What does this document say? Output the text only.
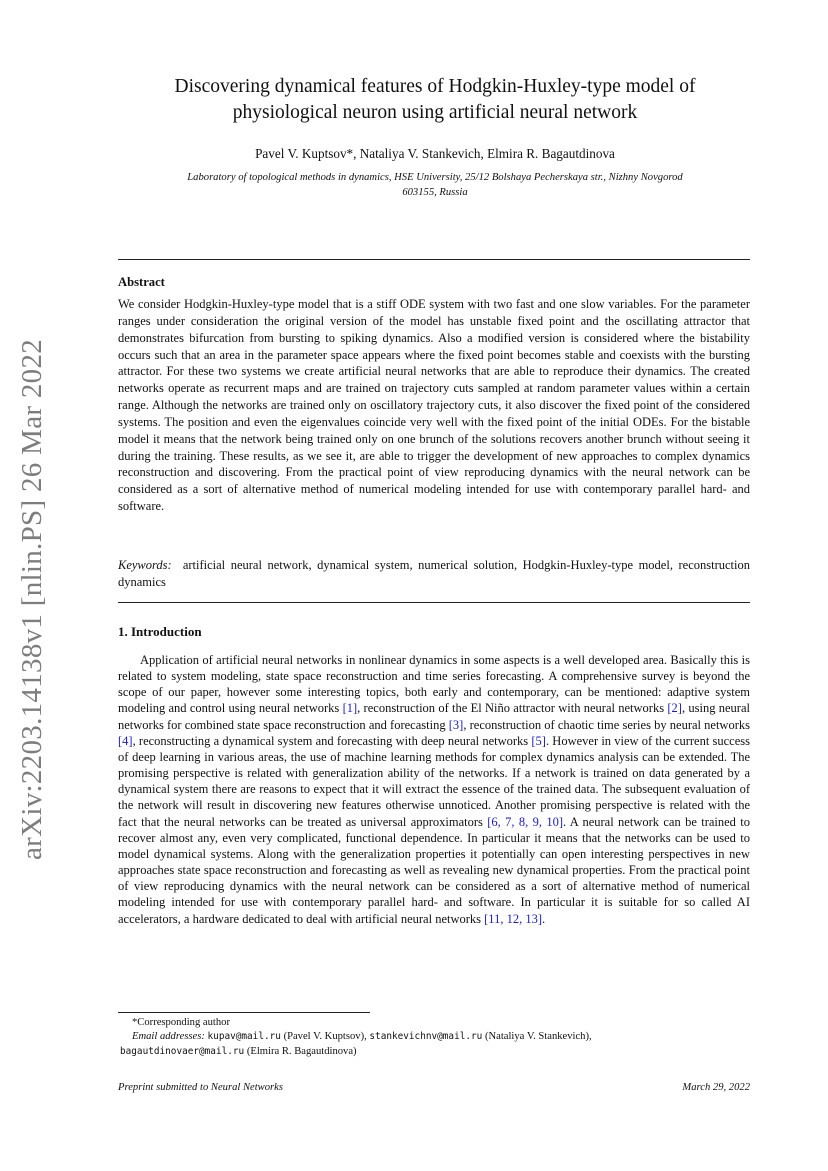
arXiv:2203.14138v1 [nlin.PS] 26 Mar 2022
Discovering dynamical features of Hodgkin-Huxley-type model of
physiological neuron using artificial neural network
Pavel V. Kuptsov*, Nataliya V. Stankevich, Elmira R. Bagautdinova
Laboratory of topological methods in dynamics, HSE University, 25/12 Bolshaya Pecherskaya str., Nizhny Novgorod
603155, Russia
Abstract
We consider Hodgkin-Huxley-type model that is a stiff ODE system with two fast and one slow variables. For the parameter ranges under consideration the original version of the model has unstable fixed point and the oscillating attractor that demonstrates bifurcation from bursting to spiking dynamics. Also a modified version is considered where the bistability occurs such that an area in the parameter space appears where the fixed point becomes stable and coexists with the bursting attractor. For these two systems we create artificial neural networks that are able to reproduce their dynamics. The created networks operate as recurrent maps and are trained on trajectory cuts sampled at random parameter values within a certain range. Although the networks are trained only on oscillatory trajectory cuts, it also discover the fixed point of the considered systems. The position and even the eigenvalues coincide very well with the fixed point of the initial ODEs. For the bistable model it means that the network being trained only on one brunch of the solutions recovers another brunch without seeing it during the training. These results, as we see it, are able to trigger the development of new approaches to complex dynamics reconstruction and discovering. From the practical point of view reproducing dynamics with the neural network can be considered as a sort of alternative method of numerical modeling intended for use with contemporary parallel hard- and software.
Keywords: artificial neural network, dynamical system, numerical solution, Hodgkin-Huxley-type model, reconstruction dynamics
1. Introduction
Application of artificial neural networks in nonlinear dynamics in some aspects is a well developed area. Basically this is related to system modeling, state space reconstruction and time series forecasting. A comprehensive survey is beyond the scope of our paper, however some interesting topics, both early and contemporary, can be mentioned: adaptive system modeling and control using neural networks [1], reconstruction of the El Niño attractor with neural networks [2], using neural networks for combined state space reconstruction and forecasting [3], reconstruction of chaotic time series by neural networks [4], reconstructing a dynamical system and forecasting with deep neural networks [5]. However in view of the current success of deep learning in various areas, the use of machine learning methods for complex dynamics analysis can be extended. The promising perspective is related with generalization ability of the networks. If a network is trained on data generated by a dynamical system there are reasons to expect that it will extract the essence of the trained data. The subsequent evaluation of the network will result in discovering new features otherwise unnoticed. Another promising perspective is related with the fact that the neural networks can be treated as universal approximators [6, 7, 8, 9, 10]. A neural network can be trained to recover almost any, even very complicated, functional dependence. In particular it means that the networks can be used to model dynamical systems. Along with the generalization properties it potentially can open interesting perspectives in new approaches state space reconstruction and forecasting as well as revealing new dynamical properties. From the practical point of view reproducing dynamics with the neural network can be considered as a sort of alternative method of numerical modeling intended for use with contemporary parallel hard- and software. In particular it is suitable for so called AI accelerators, a hardware dedicated to deal with artificial neural networks [11, 12, 13].
*Corresponding author
Email addresses: kupav@mail.ru (Pavel V. Kuptsov), stankevichnv@mail.ru (Nataliya V. Stankevich),
bagautdinovaer@mail.ru (Elmira R. Bagautdinova)
Preprint submitted to Neural Networks	March 29, 2022
